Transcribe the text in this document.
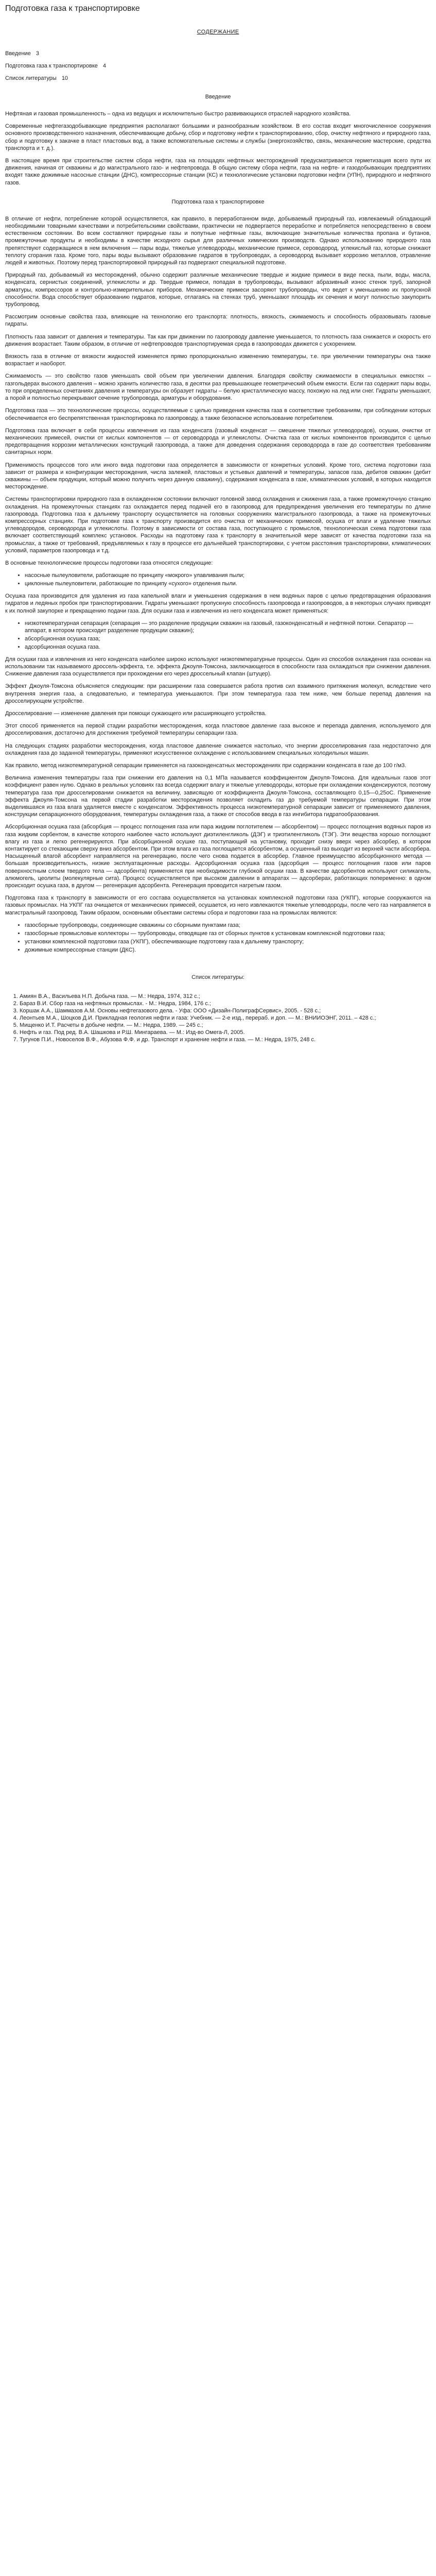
Подготовка газа к транспортировке
СОДЕРЖАНИЕ
Введение 3
Подготовка газа к транспортировке 4
Список литературы 10
Введение

Нефтяная и газовая промышленность – одна из ведущих и исключительно быстро развивающихся отраслей народного хозяйства.

Современные нефтегазодобывающие предприятия располагают большими и разнообразным хозяйством. В его состав входит многочисленное сооружения основного производственного назначения, обеспечивающие добычу, сбор и подготовку нефти к транспортированию, сбор, очистку нефтяного и природного газа, сбор и подготовку к закачке в пласт пластовых вод, а также вспомогательные системы и службы (энергохозяйство, связь, механические мастерские, средства транспорта и т. д.).

В настоящее время при строительстве систем сбора нефти, газа на площадях нефтяных месторождений предусматривается герметизация всего пути их движения, начиная от скважины и до магистрального газо- и нефтепровода. В общую систему сбора нефти, газа на нефте- и газодобывающих предприятиях входят также дожимные насосные станции (ДНС), компрессорные станции (КС) и технологические установки подготовки нефти (УПН), природного и нефтяного газов.

Подготовка газа к транспортировке

В отличие от нефти, потребление которой осуществляется, как правило, в переработанном виде, добываемый природный газ, извлекаемый обладающий необходимыми товарными качествами и потребительскими свойствами, практически не подвергается переработке и потребляется непосредственно в своем естественном состоянии. Во всем составляют природные газы и попутные нефтяные газы, включающие значительные количества пропана и бутанов, промежуточные продукты и необходимы в качестве исходного сырья для различных химических производств. Однако использованию природного газа препятствуют содержащиеся в нем включения — пары воды, тяжелые углеводороды, механические примеси, сероводород, углекислый газ, которые снижают теплоту сгорания газа. Кроме того, пары воды вызывают образование гидратов в трубопроводах, а сероводород вызывает коррозию металлов, отравление людей и животных. Поэтому перед транспортировкой природный газ подвергают специальной подготовке.

Природный газ, добываемый из месторождений, обычно содержит различные механические твердые и жидкие примеси в виде песка, пыли, воды, масла, конденсата, сернистых соединений, углекислоты и др. Твердые примеси, попадая в трубопроводы, вызывают абразивный износ стенок труб, запорной арматуры, компрессоров и контрольно-измерительных приборов. Механические примеси засоряют трубопроводы, что ведет к уменьшению их пропускной способности. Вода способствует образованию гидратов, которые, отлагаясь на стенках труб, уменьшают площадь их сечения и могут полностью закупорить трубопровод.

Рассмотрим основные свойства газа, влияющие на технологию его транспорта: плотность, вязкость, сжимаемость и способность образовывать газовые гидраты.

Плотность газа зависит от давления и температуры. Так как при движении по газопроводу давление уменьшается, то плотность газа снижается и скорость его движения возрастает. Таким образом, в отличие от нефтепроводов транспортируемая среда в газопроводах движется с ускорением.

Вязкость газа в отличие от вязкости жидкостей изменяется прямо пропорционально изменению температуры, т.е. при увеличении температуры она также возрастает и наоборот.

Сжимаемость — это свойство газов уменьшать свой объем при увеличении давления. Благодаря свойству сжимаемости в специальных емкостях – газгольдерах высокого давления – можно хранить количество газа, в десятки раз превышающее геометрический объем емкости. Если газ содержит пары воды, то при определенных сочетаниях давления и температуры он образует гидраты – белую кристаллическую массу, похожую на лед или снег. Гидраты уменьшают, а порой и полностью перекрывают сечение трубопровода, арматуры и оборудования.

Подготовка газа — это технологические процессы, осуществляемые с целью приведения качества газа в соответствие требованиям, при соблюдении которых обеспечивается его беспрепятственная транспортировка по газопроводу, а также безопасное использование потребителем.

Подготовка газа включает в себя процессы извлечения из газа конденсата (газовый конденсат — смешение тяжелых углеводородов), осушки, очистки от механических примесей, очистки от кислых компонентов — от сероводорода и углекислоты. Очистка газа от кислых компонентов производится с целью предотвращения коррозии металлических конструкций газопровода, а также для доведения содержания сероводорода в газе до соответствия требованиям санитарных норм.

Применимость процессов того или иного вида подготовки газа определяется в зависимости от конкретных условий. Кроме того, система подготовки газа зависит от размера и конфигурации месторождения, числа залежей, пластовых и устьевых давлений и температуры, запасов газа, дебитов скважин (дебит скважины — объем продукции, который можно получить через данную скважину), содержания конденсата в газе, климатических условий, в которых находится месторождение.

Системы транспортировки природного газа в охлажденном состоянии включают головной завод охлаждения и сжижения газа, а также промежуточную станцию охлаждения. На промежуточных станциях газ охлаждается перед подачей его в газопровод для предупреждения увеличения его температуры по длине газопровода. Подготовка газа к дальнему транспорту осуществляется на головных сооружениях магистрального газопровода, а также на промежуточных компрессорных станциях. При подготовке газа к транспорту производится его очистка от механических примесей, осушка от влаги и удаление тяжелых углеводородов, сероводорода и углекислоты. Поэтому в зависимости от состава газа, поступающего с промыслов, технологическая схема подготовки газа включает соответствующий комплекс установок. Расходы на подготовку газа к транспорту в значительной мере зависят от качества подготовки газа на промыслах, а также от требований, предъявляемых к газу в процессе его дальнейшей транспортировки, с учетом расстояния транспортировки, климатических условий, параметров газопровода и т.д.

В основные технологические процессы подготовки газа относятся следующие:

• насосные пылеуловители, работающие по принципу «мокрого» улавливания пыли;
• циклонные пылеуловители, работающие по принципу «сухого» отделения пыли.

Осушка газа производится для удаления из газа капельной влаги и уменьшения содержания в нем водяных паров с целью предотвращения образования гидратов и ледяных пробок при транспортировании. Гидраты уменьшают пропускную способность газопровода и газопроводов, а в некоторых случаях приводят к их полной закупорке и прекращению подачи газа. Для осушки газа и извлечения из него конденсата может применяться:

• низкотемпературная сепарация (сепарация — это разделение продукции скважин на газовый, газоконденсатный и нефтяной потоки. Сепаратор — аппарат, в котором происходит разделение продукции скважин);
• абсорбционная осушка газа;
• адсорбционная осушка газа.

Для осушки газа и извлечения из него конденсата наиболее широко используют низкотемпературные процессы. Один из способов охлаждения газа основан на использовании так называемого дроссель-эффекта, т.е. эффекта Джоуля-Томсона, заключающегося в способности газа охлаждаться при снижении давления. Снижение давления газа осуществляется при прохождении его через дроссельный клапан (штуцер).

Эффект Джоуля-Томсона объясняется следующим: при расширении газа совершается работа против сил взаимного притяжения молекул, вследствие чего внутренняя энергия газа, а следовательно, и температура уменьшаются. При этом температура газа тем ниже, чем больше перепад давления на дросселирующем устройстве.

Дросселирование — изменение давления при помощи сужающего или расширяющего устройства.

Этот способ применяется на первой стадии разработки месторождения, когда пластовое давление газа высокое и перепада давления, используемого для дросселирования, достаточно для достижения требуемой температуры сепарации газа.

На следующих стадиях разработки месторождения, когда пластовое давление снижается настолько, что энергии дросселирования газа недостаточно для охлаждения газа до заданной температуры, применяют искусственное охлаждение с использованием специальных холодильных машин.

Как правило, метод низкотемпературной сепарации применяется на газоконденсатных месторождениях при содержании конденсата в газе до 100 г/м3.

Величина изменения температуры газа при снижении его давления на 0,1 МПа называется коэффициентом Джоуля-Томсона. Для идеальных газов этот коэффициент равен нулю. Однако в реальных условиях газ всегда содержит влагу и тяжелые углеводороды, которые при охлаждении конденсируются, поэтому температура газа при дросселировании снижается на величину, зависящую от коэффициента Джоуля-Томсона, составляющего 0,15—0,25оС. Применение эффекта Джоуля-Томсона на первой стадии разработки месторождения позволяет охладить газ до требуемой температуры сепарации. При этом выделившаяся из газа влага удаляется вместе с конденсатом. Эффективность процесса низкотемпературной сепарации зависит от применяемого давления, конструкции сепарационного оборудования, температуры охлаждения газа, а также от способов ввода в газ ингибитора гидратообразования.

Абсорбционная осушка газа (абсорбция — процесс поглощения газа или пара жидким поглотителем — абсорбентом) — процесс поглощения водяных паров из газа жидким сорбентом, в качестве которого наиболее часто используют диэтиленгликоль (ДЭГ) и триэтиленгликоль (ТЭГ). Эти вещества хорошо поглощают влагу из газа и легко регенерируются. При абсорбционной осушке газ, поступающий на установку, проходит снизу вверх через абсорбер, в котором контактирует со стекающим сверху вниз абсорбентом. При этом влага из газа поглощается абсорбентом, а осушенный газ выходит из верхней части абсорбера. Насыщенный влагой абсорбент направляется на регенерацию, после чего снова подается в абсорбер. Главное преимущество абсорбционного метода — большая производительность, низкие эксплуатационные расходы. Адсорбционная осушка газа (адсорбция — процесс поглощения газов или паров поверхностным слоем твердого тела — адсорбента) применяется при необходимости глубокой осушки газа. В качестве адсорбентов используют силикагель, алюмогель, цеолиты (молекулярные сита). Процесс осуществляется при высоком давлении в аппаратах — адсорберах, работающих попеременно: в одном происходит осушка газа, в другом — регенерация адсорбента. Регенерация проводится нагретым газом.

Подготовка газа к транспорту в зависимости от его состава осуществляется на установках комплексной подготовки газа (УКПГ), которые сооружаются на газовых промыслах. На УКПГ газ очищается от механических примесей, осушается, из него извлекаются тяжелые углеводороды, после чего газ направляется в магистральный газопровод. Таким образом, основными объектами системы сбора и подготовки газа на промыслах являются:

• газосборные трубопроводы, соединяющие скважины со сборными пунктами газа;
• газосборные промысловые коллекторы — трубопроводы, отводящие газ от сборных пунктов к установкам комплексной подготовки газа;
• установки комплексной подготовки газа (УКПГ), обеспечивающие подготовку газа к дальнему транспорту;
• дожимные компрессорные станции (ДКС).
Список литературы:
1. Амиян В.А., Васильева Н.П. Добыча газа. — М.: Недра, 1974, 312 с.;
2. Бараз В.И. Сбор газа на нефтяных промыслах. - М.: Недра, 1984, 176 с.;
3. Коршак А.А., Шаммазов А.М. Основы нефтегазового дела. - Уфа: ООО «Дизайн-ПолиграфСервис», 2005. - 528 с.;
4. Леонтьев М.А., Шоцков Д.И. Прикладная геология нефти и газа: Учебник. — 2-е изд., перераб. и доп. — М.: ВНИИОЭНГ, 2011. – 428 с.;
5. Мищенко И.Т. Расчеты в добыче нефти. — М.: Недра, 1989. — 245 с.;
6. Нефть и газ. Под ред. В.А. Шашкова и Р.Ш. Мингараева. — М.: Изд-во Омега-Л, 2005.
7. Тугунов П.И., Новоселов В.Ф., Абузова Ф.Ф. и др. Транспорт и хранение нефти и газа. — М.: Недра, 1975, 248 с.
